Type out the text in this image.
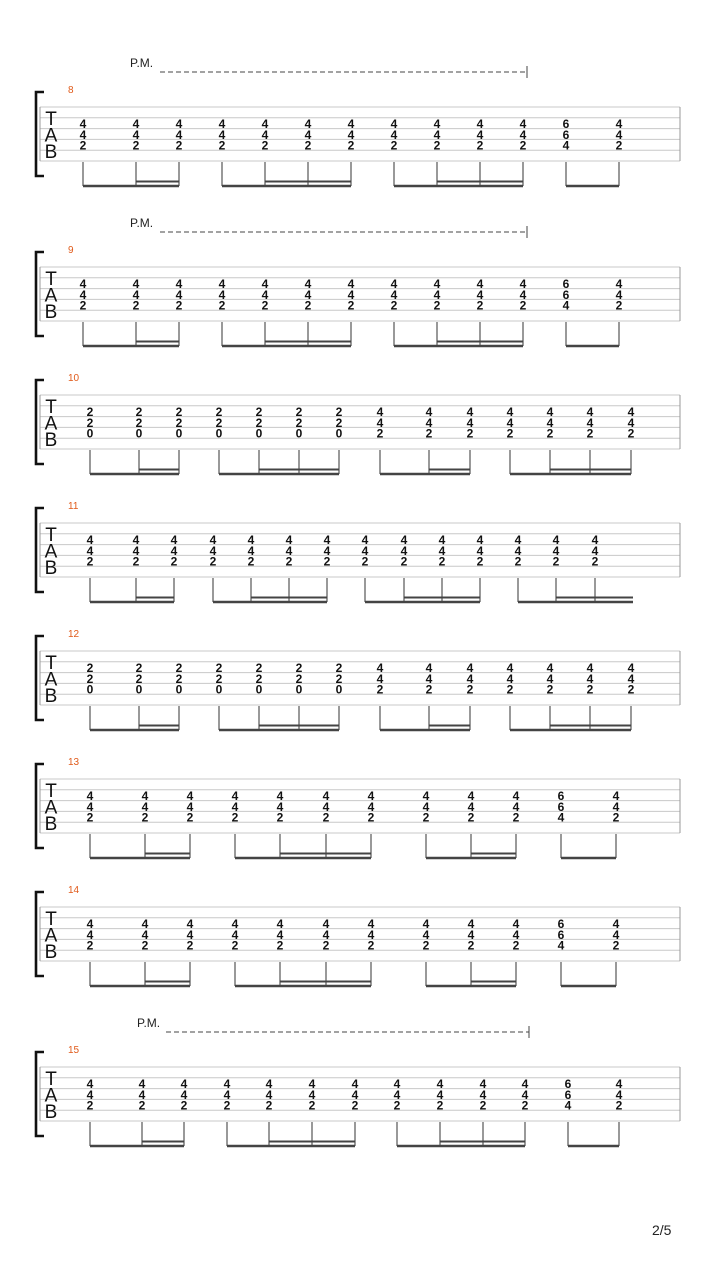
P.M.
8
T
A
B
4
4
2
4
4
2
4
4
2
4
4
2
4
4
2
4
4
2
4
4
2
4
4
2
4
4
2
4
4
2
4
4
2
6
6
4
4
4
2
P.M.
9
T
A
B
4
4
2
4
4
2
4
4
2
4
4
2
4
4
2
4
4
2
4
4
2
4
4
2
4
4
2
4
4
2
4
4
2
6
6
4
4
4
2
10
T
A
B
2
2
0
2
2
0
2
2
0
2
2
0
2
2
0
2
2
0
2
2
0
4
4
2
4
4
2
4
4
2
4
4
2
4
4
2
4
4
2
4
4
2
11
T
A
B
4
4
2
4
4
2
4
4
2
4
4
2
4
4
2
4
4
2
4
4
2
4
4
2
4
4
2
4
4
2
4
4
2
4
4
2
4
4
2
4
4
2
12
T
A
B
2
2
0
2
2
0
2
2
0
2
2
0
2
2
0
2
2
0
2
2
0
4
4
2
4
4
2
4
4
2
4
4
2
4
4
2
4
4
2
4
4
2
13
T
A
B
4
4
2
4
4
2
4
4
2
4
4
2
4
4
2
4
4
2
4
4
2
4
4
2
4
4
2
4
4
2
6
6
4
4
4
2
14
T
A
B
4
4
2
4
4
2
4
4
2
4
4
2
4
4
2
4
4
2
4
4
2
4
4
2
4
4
2
4
4
2
6
6
4
4
4
2
P.M.
15
T
A
B
4
4
2
4
4
2
4
4
2
4
4
2
4
4
2
4
4
2
4
4
2
4
4
2
4
4
2
4
4
2
4
4
2
6
6
4
4
4
2
2/5
